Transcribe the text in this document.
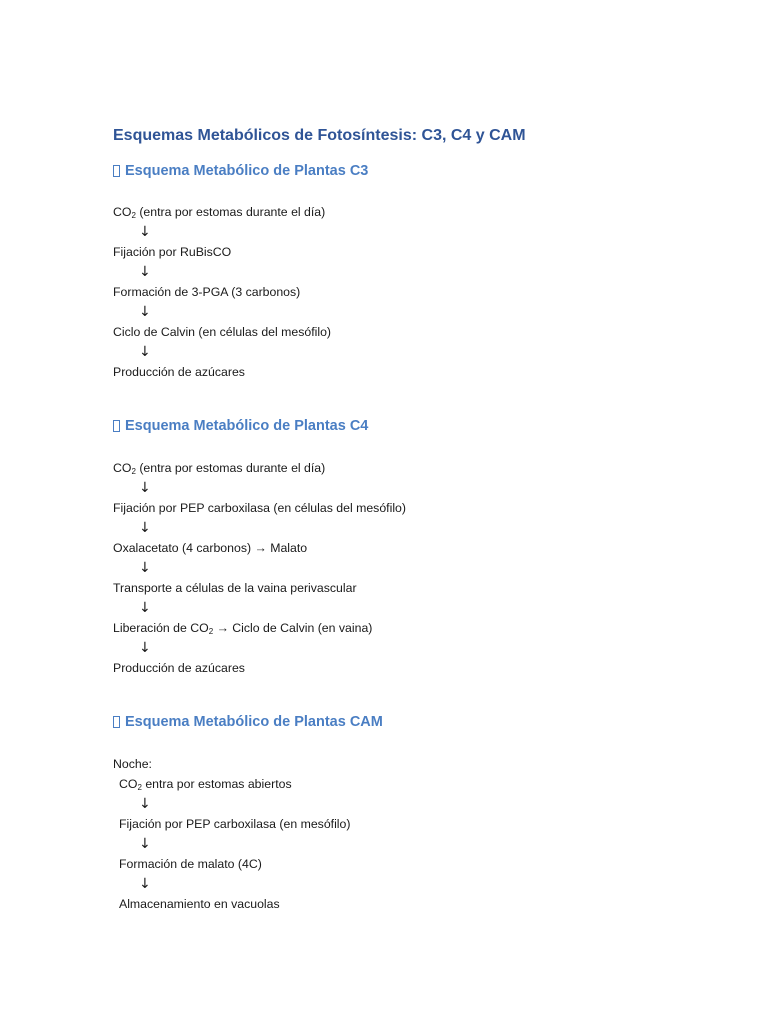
Esquemas Metabólicos de Fotosíntesis: C3, C4 y CAM
Esquema Metabólico de Plantas C3
$CO_2$ (entra por estomas durante el día)
↓
Fijación por RuBisCO
↓
Formación de 3-PGA (3 carbonos)
↓
Ciclo de Calvin (en células del mesófilo)
↓
Producción de azúcares
Esquema Metabólico de Plantas C4
$CO_2$ (entra por estomas durante el día)
↓
Fijación por PEP carboxilasa (en células del mesófilo)
↓
Oxalacetato (4 carbonos) → Malato
↓
Transporte a células de la vaina perivascular
↓
Liberación de $CO_2$ → Ciclo de Calvin (en vaina)
↓
Producción de azúcares
Esquema Metabólico de Plantas CAM
Noche:
$CO_2$ entra por estomas abiertos
↓
Fijación por PEP carboxilasa (en mesófilo)
↓
Formación de malato (4C)
↓
Almacenamiento en vacuolas
